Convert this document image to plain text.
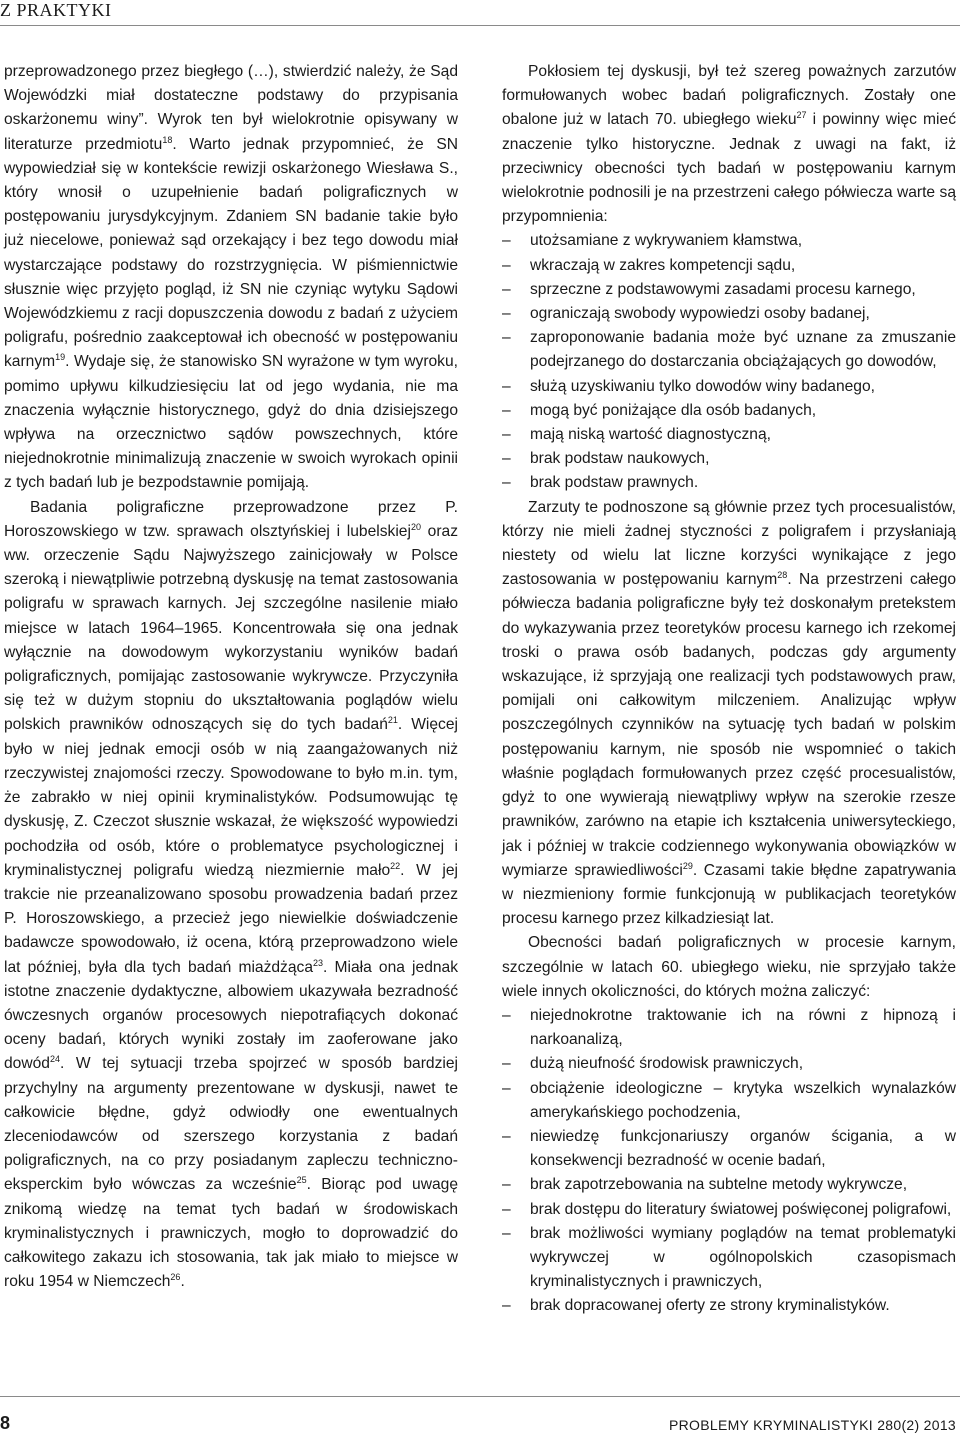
Z PRAKTYKI

przeprowadzonego przez biegłego (…), stwierdzić należy, że Sąd Wojewódzki miał dostateczne podstawy do przypisania oskarżonemu winy”. Wyrok ten był wielokrotnie opisywany w literaturze przedmiotu$^{18}$. Warto jednak przypomnieć, że SN wypowiedział się w kontekście rewizji oskarżonego Wiesława S., który wnosił o uzupełnienie badań poligraficznych w postępowaniu jurysdykcyjnym. Zdaniem SN badanie takie było już niecelowe, ponieważ sąd orzekający i bez tego dowodu miał wystarczające podstawy do rozstrzygnięcia. W piśmiennictwie słusznie więc przyjęto pogląd, iż SN nie czyniąc wytyku Sądowi Wojewódzkiemu z racji dopuszczenia dowodu z badań z użyciem poligrafu, pośrednio zaakceptował ich obecność w postępowaniu karnym$^{19}$. Wydaje się, że stanowisko SN wyrażone w tym wyroku, pomimo upływu kilkudziesięciu lat od jego wydania, nie ma znaczenia wyłącznie historycznego, gdyż do dnia dzisiejszego wpływa na orzecznictwo sądów powszechnych, które niejednokrotnie minimalizują znaczenie w swoich wyrokach opinii z tych badań lub je bezpodstawnie pomijają.

Badania poligraficzne przeprowadzone przez P. Horoszowskiego w tzw. sprawach olsztyńskiej i lubelskiej$^{20}$ oraz ww. orzeczenie Sądu Najwyższego zainicjowały w Polsce szeroką i niewątpliwie potrzebną dyskusję na temat zastosowania poligrafu w sprawach karnych. Jej szczególne nasilenie miało miejsce w latach 1964–1965. Koncentrowała się ona jednak wyłącznie na dowodowym wykorzystaniu wyników badań poligraficznych, pomijając zastosowanie wykrywcze. Przyczyniła się też w dużym stopniu do ukształtowania poglądów wielu polskich prawników odnoszących się do tych badań$^{21}$. Więcej było w niej jednak emocji osób w nią zaangażowanych niż rzeczywistej znajomości rzeczy. Spowodowane to było m.in. tym, że zabrakło w niej opinii kryminalistyków. Podsumowując tę dyskusję, Z. Czeczot słusznie wskazał, że większość wypowiedzi pochodziła od osób, które o problematyce psychologicznej i kryminalistycznej poligrafu wiedzą niezmiernie mało$^{22}$. W jej trakcie nie przeanalizowano sposobu prowadzenia badań przez P. Horoszowskiego, a przecież jego niewielkie doświadczenie badawcze spowodowało, iż ocena, którą przeprowadzono wiele lat później, była dla tych badań miażdżąca$^{23}$. Miała ona jednak istotne znaczenie dydaktyczne, albowiem ukazywała bezradność ówczesnych organów procesowych niepotrafiących dokonać oceny badań, których wyniki zostały im zaoferowane jako dowód$^{24}$. W tej sytuacji trzeba spojrzeć w sposób bardziej przychylny na argumenty prezentowane w dyskusji, nawet te całkowicie błędne, gdyż odwiodły one ewentualnych zleceniodawców od szerszego korzystania z badań poligraficznych, na co przy posiadanym zapleczu techniczno-eksperckim było wówczas za wcześnie$^{25}$. Biorąc pod uwagę znikomą wiedzę na temat tych badań w środowiskach kryminalistycznych i prawniczych, mogło to doprowadzić do całkowitego zakazu ich stosowania, tak jak miało to miejsce w roku 1954 w Niemczech$^{26}$.

Pokłosiem tej dyskusji, był też szereg poważnych zarzutów formułowanych wobec badań poligraficznych. Zostały one obalone już w latach 70. ubiegłego wieku$^{27}$ i powinny więc mieć znaczenie tylko historyczne. Jednak z uwagi na fakt, iż przeciwnicy obecności tych badań w postępowaniu karnym wielokrotnie podnosili je na przestrzeni całego półwiecza warte są przypomnienia:

– utożsamiane z wykrywaniem kłamstwa,
– wkraczają w zakres kompetencji sądu,
– sprzeczne z podstawowymi zasadami procesu karnego,
– ograniczają swobody wypowiedzi osoby badanej,
– zaproponowanie badania może być uznane za zmuszanie podejrzanego do dostarczania obciążających go dowodów,
– służą uzyskiwaniu tylko dowodów winy badanego,
– mogą być poniżające dla osób badanych,
– mają niską wartość diagnostyczną,
– brak podstaw naukowych,
– brak podstaw prawnych.

Zarzuty te podnoszone są głównie przez tych procesualistów, którzy nie mieli żadnej styczności z poligrafem i przysłaniają niestety od wielu lat liczne korzyści wynikające z jego zastosowania w postępowaniu karnym$^{28}$. Na przestrzeni całego półwiecza badania poligraficzne były też doskonałym pretekstem do wykazywania przez teoretyków procesu karnego ich rzekomej troski o prawa osób badanych, podczas gdy argumenty wskazujące, iż sprzyjają one realizacji tych podstawowych praw, pomijali oni całkowitym milczeniem. Analizując wpływ poszczególnych czynników na sytuację tych badań w polskim postępowaniu karnym, nie sposób nie wspomnieć o takich właśnie poglądach formułowanych przez część procesualistów, gdyż to one wywierają niewątpliwy wpływ na szerokie rzesze prawników, zarówno na etapie ich kształcenia uniwersyteckiego, jak i później w trakcie codziennego wykonywania obowiązków w wymiarze sprawiedliwości$^{29}$. Czasami takie błędne zapatrywania w niezmieniony formie funkcjonują w publikacjach teoretyków procesu karnego przez kilkadziesiąt lat.

Obecności badań poligraficznych w procesie karnym, szczególnie w latach 60. ubiegłego wieku, nie sprzyjało także wiele innych okoliczności, do których można zaliczyć:

– niejednokrotne traktowanie ich na równi z hipnozą i narkoanalizą,
– dużą nieufność środowisk prawniczych,
– obciążenie ideologiczne – krytyka wszelkich wynalazków amerykańskiego pochodzenia,
– niewiedzę funkcjonariuszy organów ścigania, a w konsekwencji bezradność w ocenie badań,
– brak zapotrzebowania na subtelne metody wykrywcze,
– brak dostępu do literatury światowej poświęconej poligrafowi,
– brak możliwości wymiany poglądów na temat problematyki wykrywczej w ogólnopolskich czasopismach kryminalistycznych i prawniczych,
– brak dopracowanej oferty ze strony kryminalistyków.
8	PROBLEMY KRYMINALISTYKI 280(2) 2013
